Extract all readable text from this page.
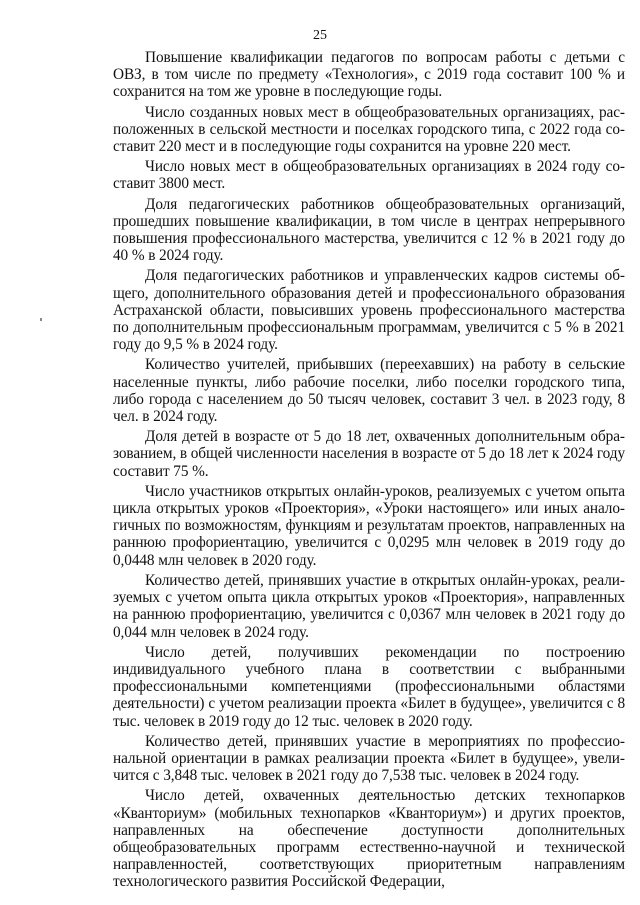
25

Повышение квалификации педагогов по вопросам работы с детьми с ОВЗ, в том числе по предмету «Технология», с 2019 года составит 100 % и сохранится на том же уровне в последующие годы.

Число созданных новых мест в общеобразовательных организациях, расположенных в сельской местности и поселках городского типа, с 2022 года составит 220 мест и в последующие годы сохранится на уровне 220 мест.

Число новых мест в общеобразовательных организациях в 2024 году составит 3800 мест.

Доля педагогических работников общеобразовательных организаций, прошедших повышение квалификации, в том числе в центрах непрерывного повышения профессионального мастерства, увеличится с 12 % в 2021 году до 40 % в 2024 году.

Доля педагогических работников и управленческих кадров системы общего, дополнительного образования детей и профессионального образования Астраханской области, повысивших уровень профессионального мастерства по дополнительным профессиональным программам, увеличится с 5 % в 2021 году до 9,5 % в 2024 году.

Количество учителей, прибывших (переехавших) на работу в сельские населенные пункты, либо рабочие поселки, либо поселки городского типа, либо города с населением до 50 тысяч человек, составит 3 чел. в 2023 году, 8 чел. в 2024 году.

Доля детей в возрасте от 5 до 18 лет, охваченных дополнительным образованием, в общей численности населения в возрасте от 5 до 18 лет к 2024 году составит 75 %.

Число участников открытых онлайн-уроков, реализуемых с учетом опыта цикла открытых уроков «Проектория», «Уроки настоящего» или иных аналогичных по возможностям, функциям и результатам проектов, направленных на раннюю профориентацию, увеличится с 0,0295 млн человек в 2019 году до 0,0448 млн человек в 2020 году.

Количество детей, принявших участие в открытых онлайн-уроках, реализуемых с учетом опыта цикла открытых уроков «Проектория», направленных на раннюю профориентацию, увеличится с 0,0367 млн человек в 2021 году до 0,044 млн человек в 2024 году.

Число детей, получивших рекомендации по построению индивидуального учебного плана в соответствии с выбранными профессиональными компетенциями (профессиональными областями деятельности) с учетом реализации проекта «Билет в будущее», увеличится с 8 тыс. человек в 2019 году до 12 тыс. человек в 2020 году.

Количество детей, принявших участие в мероприятиях по профессиональной ориентации в рамках реализации проекта «Билет в будущее», увеличится с 3,848 тыс. человек в 2021 году до 7,538 тыс. человек в 2024 году.

Число детей, охваченных деятельностью детских технопарков «Кванториум» (мобильных технопарков «Кванториум») и других проектов, направленных на обеспечение доступности дополнительных общеобразовательных программ естественно-научной и технической направленностей, соответствующих приоритетным направлениям технологического развития Российской Федерации,
